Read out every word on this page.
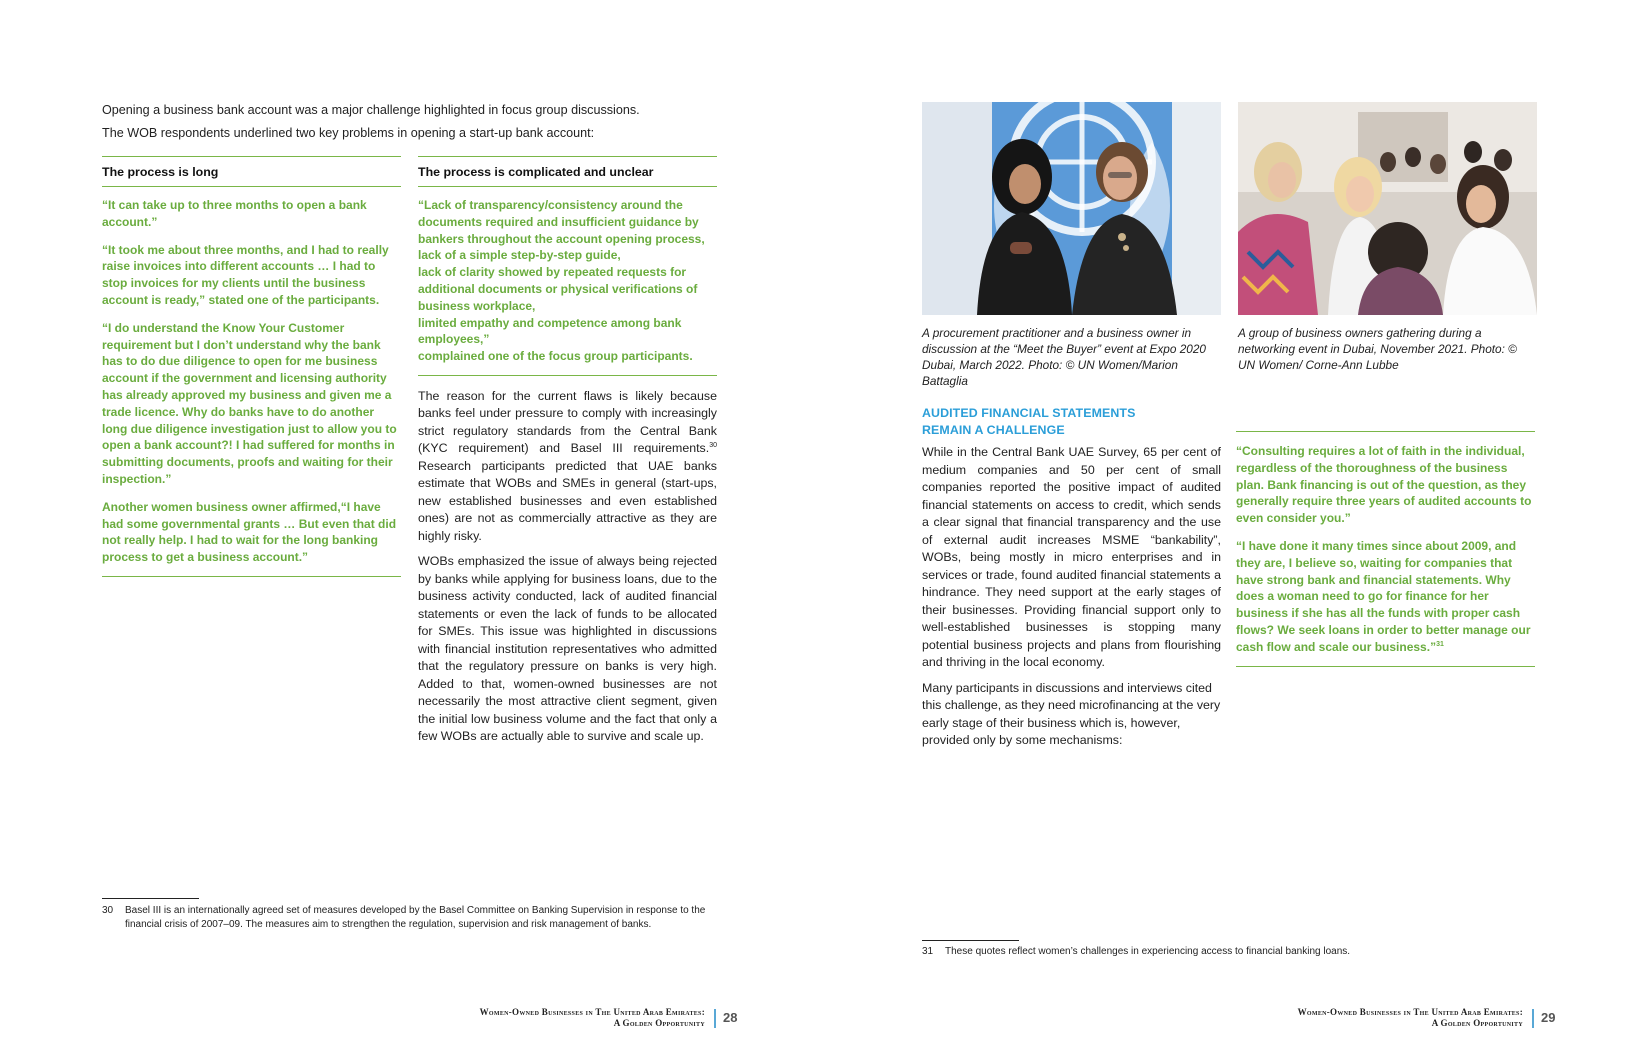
Opening a business bank account was a major challenge highlighted in focus group discussions.

The WOB respondents underlined two key problems in opening a start-up bank account:

The process is long

“It can take up to three months to open a bank account.”

“It took me about three months, and I had to really raise invoices into different accounts … I had to stop invoices for my clients until the business account is ready,” stated one of the participants.

“I do understand the Know Your Customer requirement but I don’t understand why the bank has to do due diligence to open for me business account if the government and licensing authority has already approved my business and given me a trade licence. Why do banks have to do another long due diligence investigation just to allow you to open a bank account?! I had suffered for months in submitting documents, proofs and waiting for their inspection.”

Another women business owner affirmed,“I have had some governmental grants … But even that did not really help. I had to wait for the long banking process to get a business account.”

The process is complicated and unclear
“Lack of transparency/consistency around the documents required and insufficient guidance by bankers throughout the account opening process,
lack of a simple step-by-step guide,
lack of clarity showed by repeated requests for additional documents or physical verifications of business workplace,
limited empathy and competence among bank employees,”
complained one of the focus group participants.

The reason for the current flaws is likely because banks feel under pressure to comply with increasingly strict regulatory standards from the Central Bank (KYC requirement) and Basel III requirements.$^{30}$ Research participants predicted that UAE banks estimate that WOBs and SMEs in general (start-ups, new established businesses and even established ones) are not as commercially attractive as they are highly risky.

WOBs emphasized the issue of always being rejected by banks while applying for business loans, due to the business activity conducted, lack of audited financial statements or even the lack of funds to be allocated for SMEs. This issue was highlighted in discussions with financial institution representatives who admitted that the regulatory pressure on banks is very high. Added to that, women-owned businesses are not necessarily the most attractive client segment, given the initial low business volume and the fact that only a few WOBs are actually able to survive and scale up.

30	Basel III is an internationally agreed set of measures developed by the Basel Committee on Banking Supervision in response to the financial crisis of 2007–09. The measures aim to strengthen the regulation, supervision and risk management of banks.
Women-Owned Businesses in The United Arab Emirates:
A Golden Opportunity 28
A procurement practitioner and a business owner in discussion at the “Meet the Buyer” event at Expo 2020 Dubai, March 2022. Photo: © UN Women/Marion Battaglia
A group of business owners gathering during a networking event in Dubai, November 2021. Photo: © UN Women/ Corne-Ann Lubbe
AUDITED FINANCIAL STATEMENTS
REMAIN A CHALLENGE

While in the Central Bank UAE Survey, 65 per cent of medium companies and 50 per cent of small companies reported the positive impact of audited financial statements on access to credit, which sends a clear signal that financial transparency and the use of external audit increases MSME “bankability”, WOBs, being mostly in micro enterprises and in services or trade, found audited financial statements a hindrance. They need support at the early stages of their businesses. Providing financial support only to well-established businesses is stopping many potential business projects and plans from flourishing and thriving in the local economy.

Many participants in discussions and interviews cited this challenge, as they need microfinancing at the very early stage of their business which is, however, provided only by some mechanisms:

“Consulting requires a lot of faith in the individual, regardless of the thoroughness of the business plan. Bank financing is out of the question, as they generally require three years of audited accounts to even consider you.”

“I have done it many times since about 2009, and they are, I believe so, waiting for companies that have strong bank and financial statements. Why does a woman need to go for finance for her business if she has all the funds with proper cash flows? We seek loans in order to better manage our cash flow and scale our business.”$^{31}$

31	These quotes reflect women’s challenges in experiencing access to financial banking loans.
Women-Owned Businesses in The United Arab Emirates:
A Golden Opportunity 29
